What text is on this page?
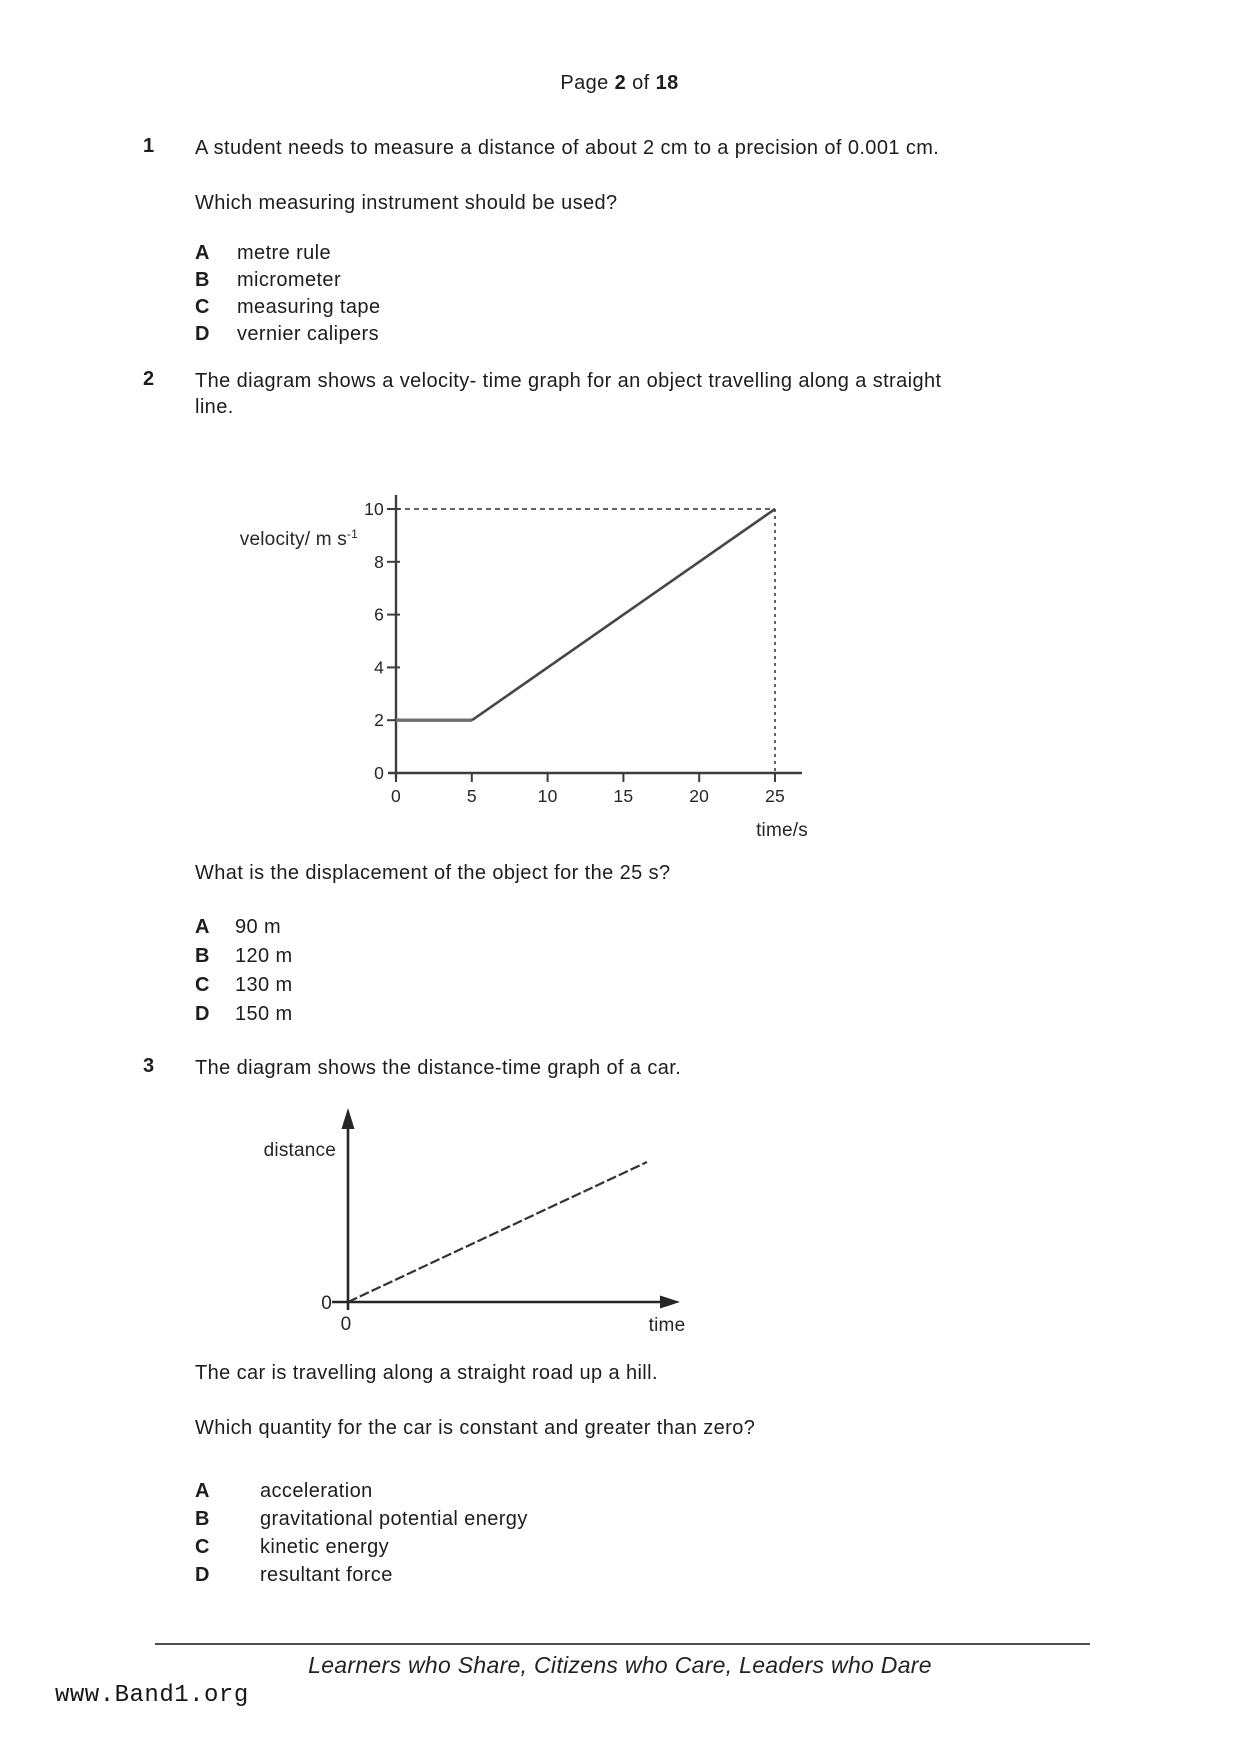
Page 2 of 18
1 A student needs to measure a distance of about 2 cm to a precision of 0.001 cm.
Which measuring instrument should be used?
A	metre rule
B	micrometer
C	measuring tape
D	vernier calipers
2 The diagram shows a velocity- time graph for an object travelling along a straight
line.
10
8
6
4
2
0
0	5	10	15	20	25
velocity/ m $s^{-1}$
time/s
What is the displacement of the object for the 25 s?
A	90 m
B	120 m
C	130 m
D	150 m
3 The diagram shows the distance-time graph of a car.
distance
0
0	time
The car is travelling along a straight road up a hill.
Which quantity for the car is constant and greater than zero?
A	acceleration
B	gravitational potential energy
C	kinetic energy
D	resultant force
Learners who Share, Citizens who Care, Leaders who Dare
www.Band1.org
